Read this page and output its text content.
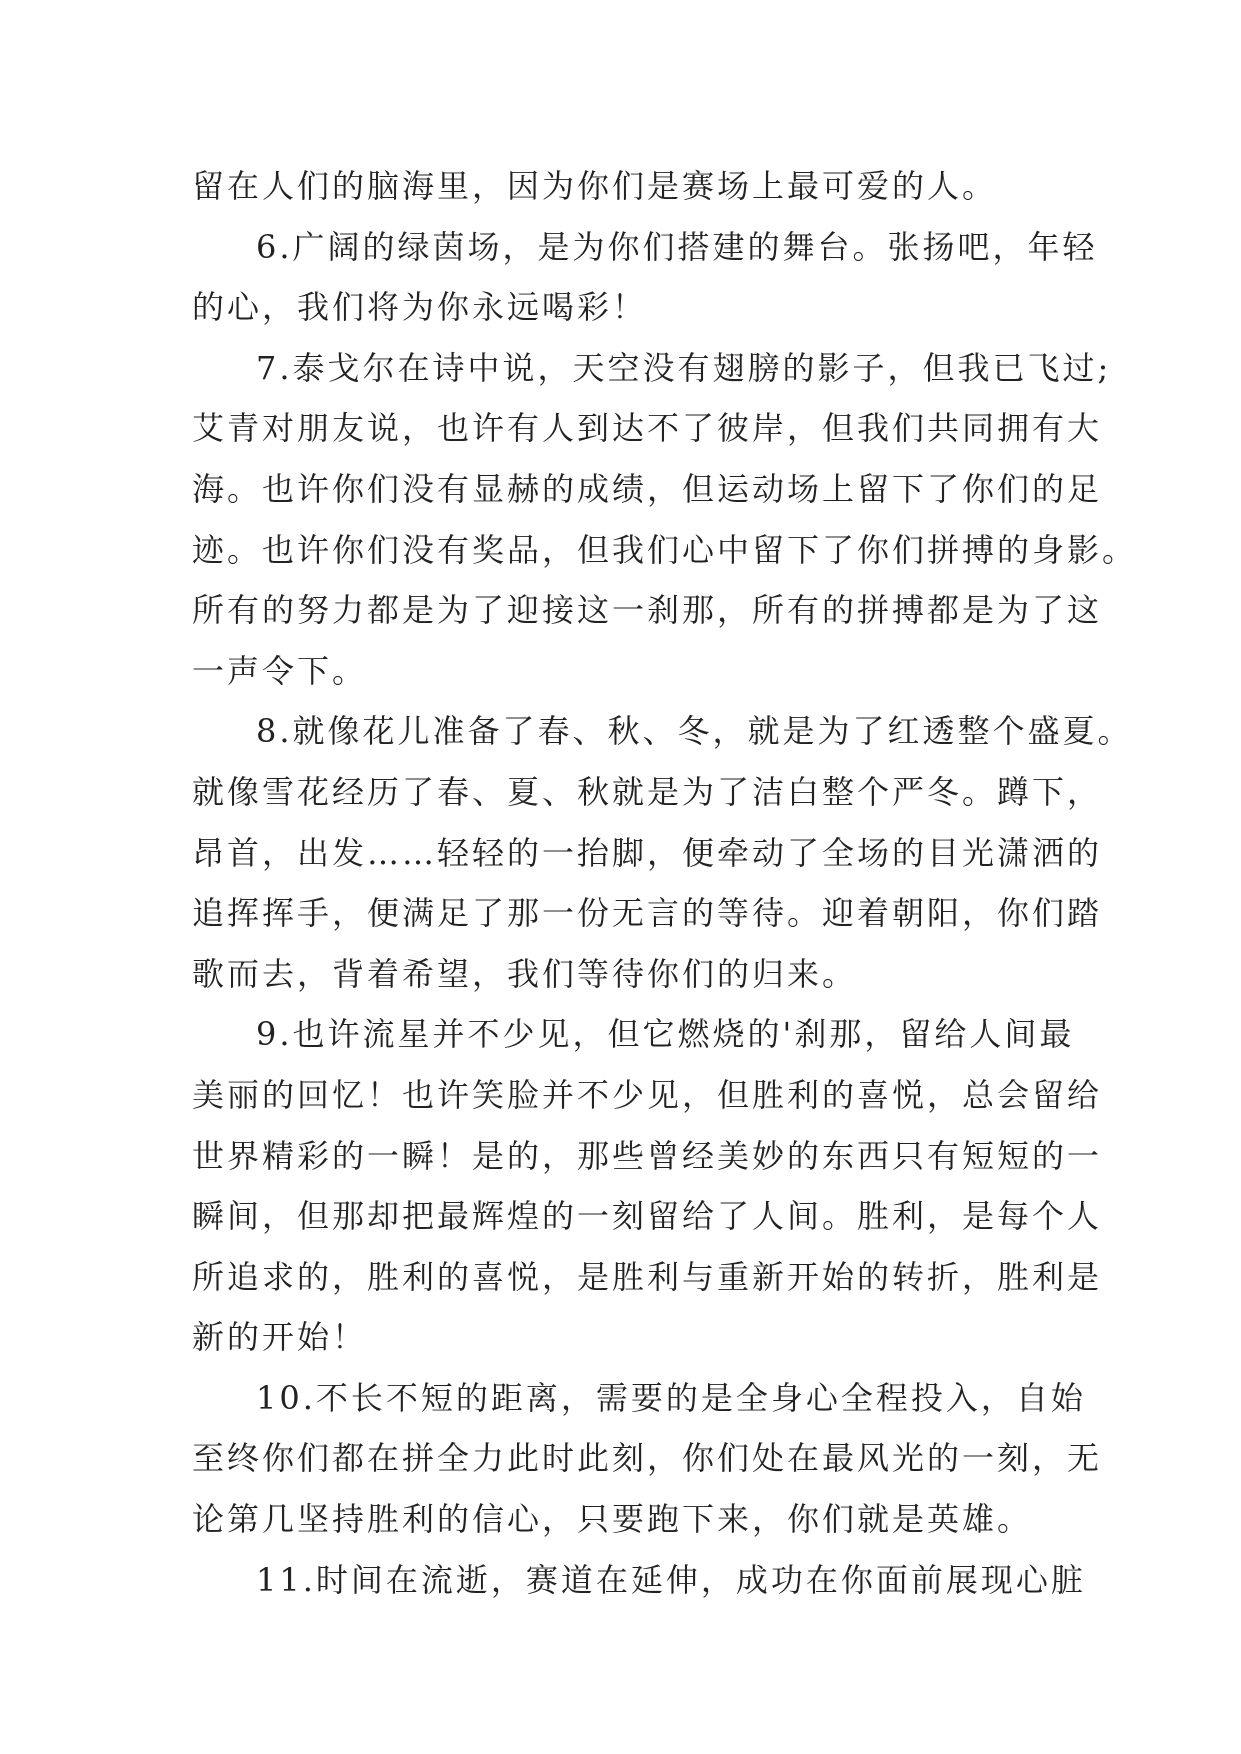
留在人们的脑海里，因为你们是赛场上最可爱的人。
6.广阔的绿茵场，是为你们搭建的舞台。张扬吧，年轻
的心，我们将为你永远喝彩！
7.泰戈尔在诗中说，天空没有翅膀的影子，但我已飞过;
艾青对朋友说，也许有人到达不了彼岸，但我们共同拥有大
海。也许你们没有显赫的成绩，但运动场上留下了你们的足
迹。也许你们没有奖品，但我们心中留下了你们拼搏的身影。
所有的努力都是为了迎接这一刹那，所有的拼搏都是为了这
一声令下。
8.就像花儿准备了春、秋、冬，就是为了红透整个盛夏。
就像雪花经历了春、夏、秋就是为了洁白整个严冬。蹲下，
昂首，出发……轻轻的一抬脚，便牵动了全场的目光潇洒的
追挥挥手，便满足了那一份无言的等待。迎着朝阳，你们踏
歌而去，背着希望，我们等待你们的归来。
9.也许流星并不少见，但它燃烧的'刹那，留给人间最
美丽的回忆！也许笑脸并不少见，但胜利的喜悦，总会留给
世界精彩的一瞬！是的，那些曾经美妙的东西只有短短的一
瞬间，但那却把最辉煌的一刻留给了人间。胜利，是每个人
所追求的，胜利的喜悦，是胜利与重新开始的转折，胜利是
新的开始！
10.不长不短的距离，需要的是全身心全程投入，自始
至终你们都在拼全力此时此刻，你们处在最风光的一刻，无
论第几坚持胜利的信心，只要跑下来，你们就是英雄。
11.时间在流逝，赛道在延伸，成功在你面前展现心脏
